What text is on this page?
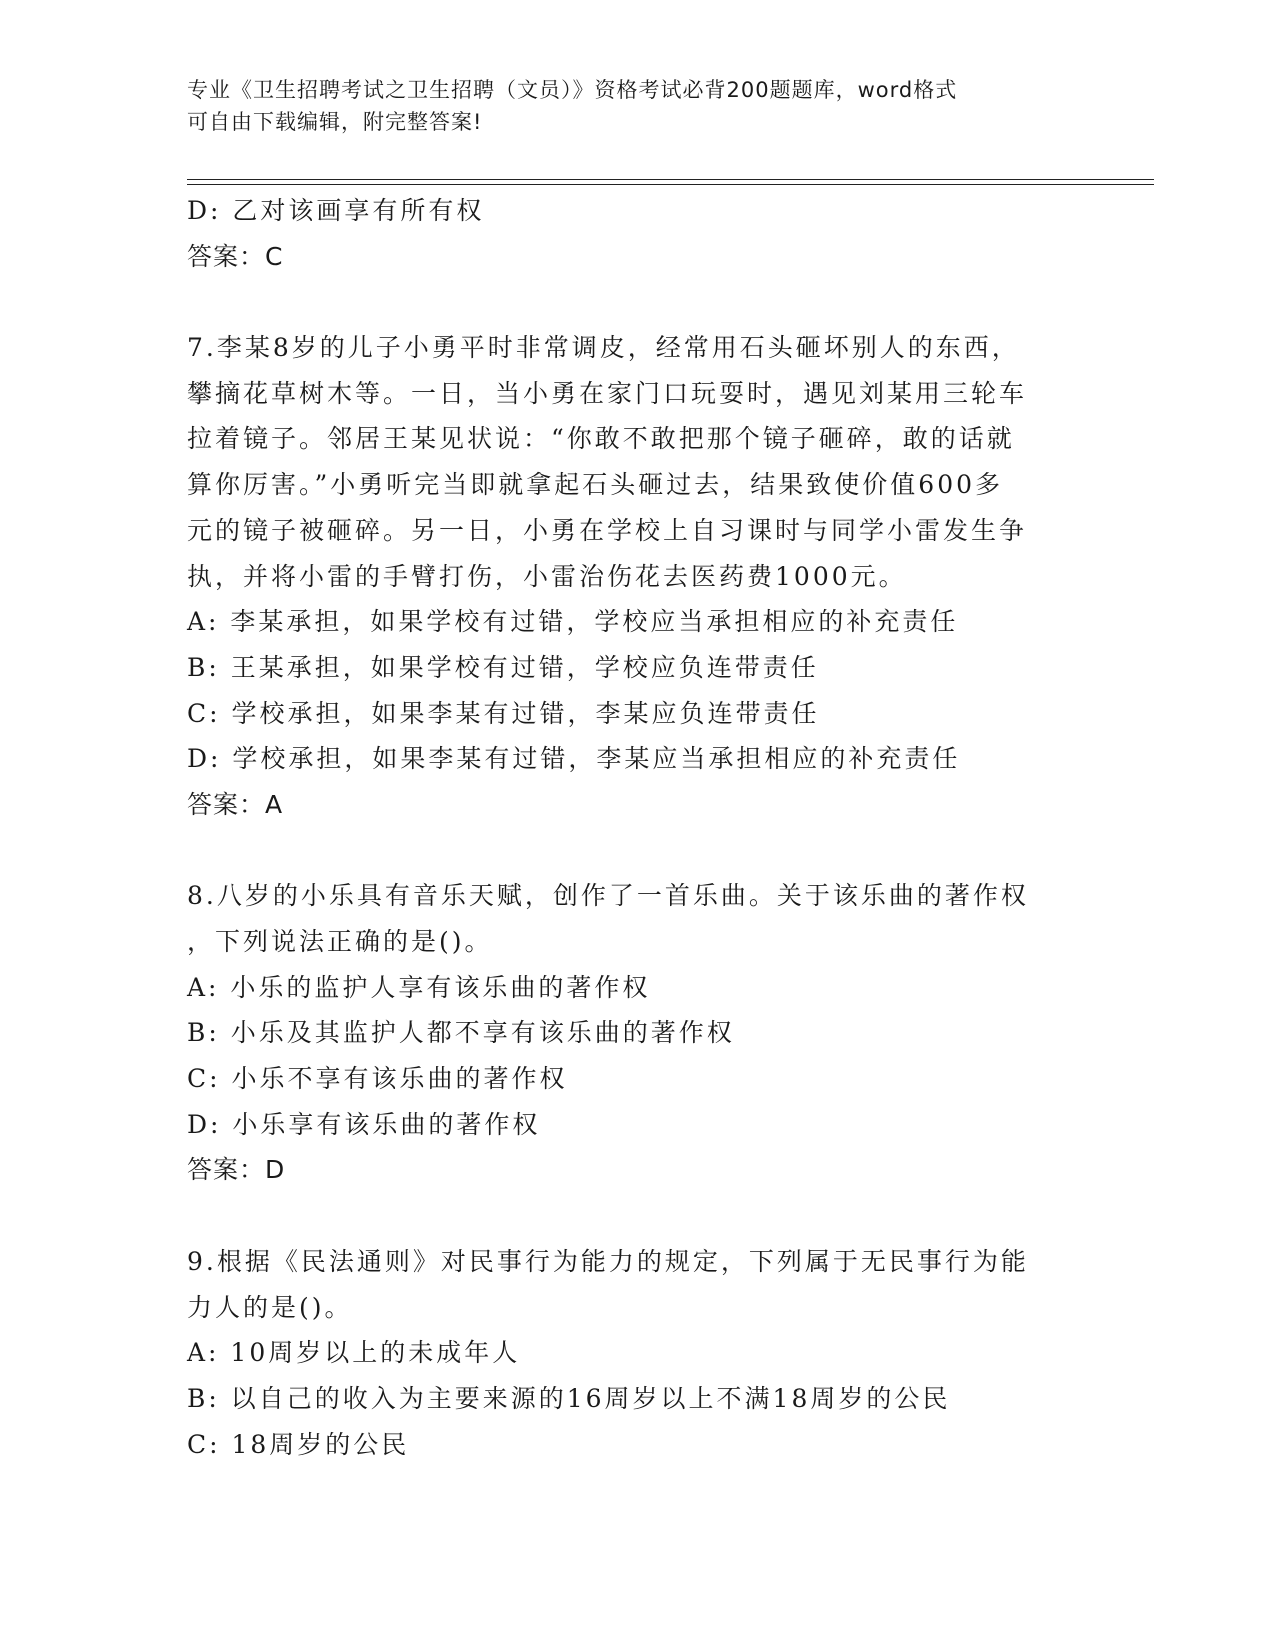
专业《卫生招聘考试之卫生招聘（文员）》资格考试必背200题题库，word格式
可自由下载编辑，附完整答案!
D: 乙对该画享有所有权
答案：C
7.李某8岁的儿子小勇平时非常调皮，经常用石头砸坏别人的东西，
攀摘花草树木等。一日，当小勇在家门口玩耍时，遇见刘某用三轮车
拉着镜子。邻居王某见状说：“你敢不敢把那个镜子砸碎，敢的话就
算你厉害。”小勇听完当即就拿起石头砸过去，结果致使价值600多
元的镜子被砸碎。另一日，小勇在学校上自习课时与同学小雷发生争
执，并将小雷的手臂打伤，小雷治伤花去医药费1000元。
A: 李某承担，如果学校有过错，学校应当承担相应的补充责任
B: 王某承担，如果学校有过错，学校应负连带责任
C: 学校承担，如果李某有过错，李某应负连带责任
D: 学校承担，如果李某有过错，李某应当承担相应的补充责任
答案：A
8.八岁的小乐具有音乐天赋，创作了一首乐曲。关于该乐曲的著作权
，下列说法正确的是()。
A: 小乐的监护人享有该乐曲的著作权
B: 小乐及其监护人都不享有该乐曲的著作权
C: 小乐不享有该乐曲的著作权
D: 小乐享有该乐曲的著作权
答案：D
9.根据《民法通则》对民事行为能力的规定，下列属于无民事行为能
力人的是()。
A: 10周岁以上的未成年人
B: 以自己的收入为主要来源的16周岁以上不满18周岁的公民
C: 18周岁的公民
